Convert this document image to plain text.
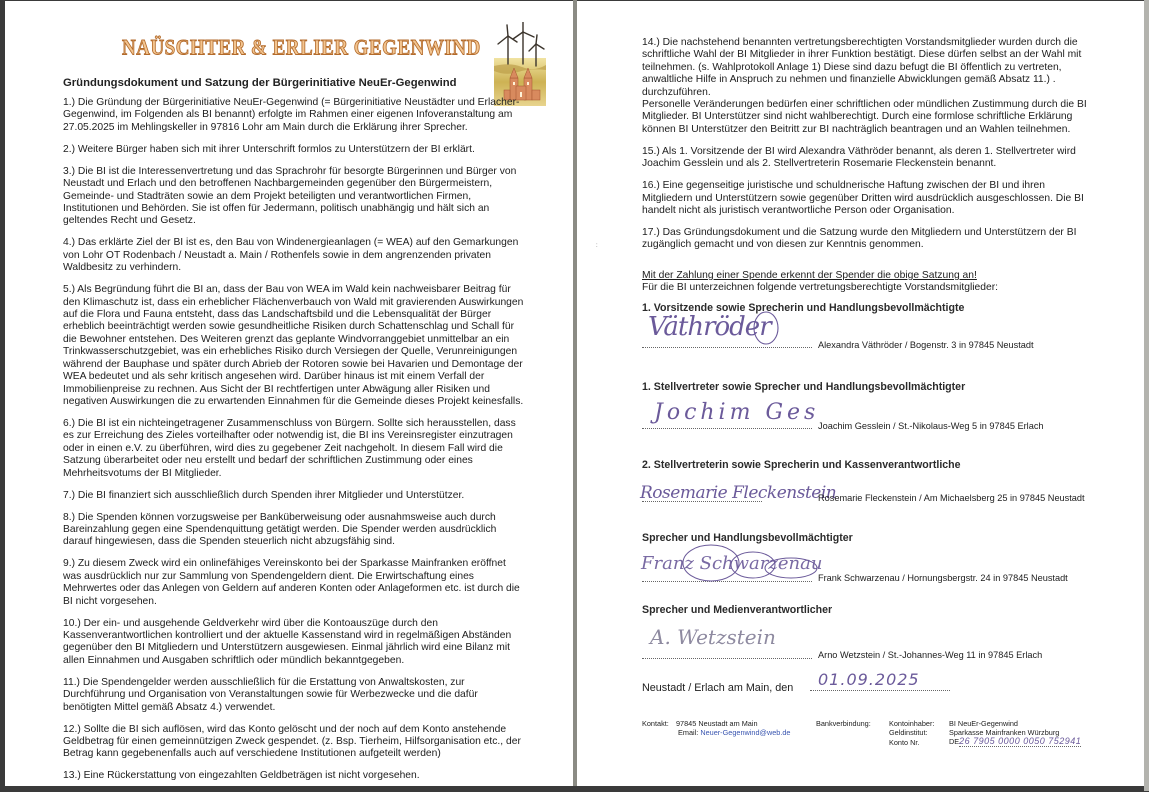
NAÜSCHTER & ERLIER GEGENWIND
Gründungsdokument und Satzung der Bürgerinitiative NeuEr-Gegenwind
1.) Die Gründung der Bürgerinitiative NeuEr-Gegenwind (= Bürgerinitiative Neustädter und Erlacher-
Gegenwind, im Folgenden als BI benannt) erfolgte im Rahmen einer eigenen Infoveranstaltung am
27.05.2025 im Mehlingskeller in 97816 Lohr am Main durch die Erklärung ihrer Sprecher.
2.) Weitere Bürger haben sich mit ihrer Unterschrift formlos zu Unterstützern der BI erklärt.
3.) Die BI ist die Interessenvertretung und das Sprachrohr für besorgte Bürgerinnen und Bürger von
Neustadt und Erlach und den betroffenen Nachbargemeinden gegenüber den Bürgermeistern,
Gemeinde- und Stadträten sowie an dem Projekt beteiligten und verantwortlichen Firmen,
Institutionen und Behörden. Sie ist offen für Jedermann, politisch unabhängig und hält sich an
geltendes Recht und Gesetz.
4.) Das erklärte Ziel der BI ist es, den Bau von Windenergieanlagen (= WEA) auf den Gemarkungen
von Lohr OT Rodenbach / Neustadt a. Main / Rothenfels sowie in dem angrenzenden privaten
Waldbesitz zu verhindern.
5.) Als Begründung führt die BI an, dass der Bau von WEA im Wald kein nachweisbarer Beitrag für
den Klimaschutz ist, dass ein erheblicher Flächenverbauch von Wald mit gravierenden Auswirkungen
auf die Flora und Fauna entsteht, dass das Landschaftsbild und die Lebensqualität der Bürger
erheblich beeinträchtigt werden sowie gesundheitliche Risiken durch Schattenschlag und Schall für
die Bewohner entstehen. Des Weiteren grenzt das geplante Windvorranggebiet unmittelbar an ein
Trinkwasserschutzgebiet, was ein erhebliches Risiko durch Versiegen der Quelle, Verunreinigungen
während der Bauphase und später durch Abrieb der Rotoren sowie bei Havarien und Demontage der
WEA bedeutet und als sehr kritisch angesehen wird. Darüber hinaus ist mit einem Verfall der
Immobilienpreise zu rechnen. Aus Sicht der BI rechtfertigen unter Abwägung aller Risiken und
negativen Auswirkungen die zu erwartenden Einnahmen für die Gemeinde dieses Projekt keinesfalls.
6.) Die BI ist ein nichteingetragener Zusammenschluss von Bürgern. Sollte sich herausstellen, dass
es zur Erreichung des Zieles vorteilhafter oder notwendig ist, die BI ins Vereinsregister einzutragen
oder in einen e.V. zu überführen, wird dies zu gegebener Zeit nachgeholt. In diesem Fall wird die
Satzung überarbeitet oder neu erstellt und bedarf der schriftlichen Zustimmung oder eines
Mehrheitsvotums der BI Mitglieder.
7.) Die BI finanziert sich ausschließlich durch Spenden ihrer Mitglieder und Unterstützer.
8.) Die Spenden können vorzugsweise per Banküberweisung oder ausnahmsweise auch durch
Bareinzahlung gegen eine Spendenquittung getätigt werden. Die Spender werden ausdrücklich
darauf hingewiesen, dass die Spenden steuerlich nicht abzugsfähig sind.
9.) Zu diesem Zweck wird ein onlinefähiges Vereinskonto bei der Sparkasse Mainfranken eröffnet
was ausdrücklich nur zur Sammlung von Spendengeldern dient. Die Erwirtschaftung eines
Mehrwertes oder das Anlegen von Geldern auf anderen Konten oder Anlageformen etc. ist durch die
BI nicht vorgesehen.
10.) Der ein- und ausgehende Geldverkehr wird über die Kontoauszüge durch den
Kassenverantwortlichen kontrolliert und der aktuelle Kassenstand wird in regelmäßigen Abständen
gegenüber den BI Mitgliedern und Unterstützern ausgewiesen. Einmal jährlich wird eine Bilanz mit
allen Einnahmen und Ausgaben schriftlich oder mündlich bekanntgegeben.
11.) Die Spendengelder werden ausschließlich für die Erstattung von Anwaltskosten, zur
Durchführung und Organisation von Veranstaltungen sowie für Werbezwecke und die dafür
benötigten Mittel gemäß Absatz 4.) verwendet.
12.) Sollte die BI sich auflösen, wird das Konto gelöscht und der noch auf dem Konto anstehende
Geldbetrag für einen gemeinnützigen Zweck gespendet. (z. Bsp. Tierheim, Hilfsorganisation etc., der
Betrag kann gegebenenfalls auch auf verschiedene Institutionen aufgeteilt werden)
13.) Eine Rückerstattung von eingezahlten Geldbeträgen ist nicht vorgesehen.
14.) Die nachstehend benannten vertretungsberechtigten Vorstandsmitglieder wurden durch die
schriftliche Wahl der BI Mitglieder in ihrer Funktion bestätigt. Diese dürfen selbst an der Wahl mit
teilnehmen. (s. Wahlprotokoll Anlage 1) Diese sind dazu befugt die BI öffentlich zu vertreten,
anwaltliche Hilfe in Anspruch zu nehmen und finanzielle Abwicklungen gemäß Absatz 11.) .
durchzuführen.
Personelle Veränderungen bedürfen einer schriftlichen oder mündlichen Zustimmung durch die BI
Mitglieder. BI Unterstützer sind nicht wahlberechtigt. Durch eine formlose schriftliche Erklärung
können BI Unterstützer den Beitritt zur BI nachträglich beantragen und an Wahlen teilnehmen.
15.) Als 1. Vorsitzende der BI wird Alexandra Väthröder benannt, als deren 1. Stellvertreter wird
Joachim Gesslein und als 2. Stellvertreterin Rosemarie Fleckenstein benannt.
16.) Eine gegenseitige juristische und schuldnerische Haftung zwischen der BI und ihren
Mitgliedern und Unterstützern sowie gegenüber Dritten wird ausdrücklich ausgeschlossen. Die BI
handelt nicht als juristisch verantwortliche Person oder Organisation.
17.) Das Gründungsdokument und die Satzung wurde den Mitgliedern und Unterstützern der BI
zugänglich gemacht und von diesen zur Kenntnis genommen.
Mit der Zahlung einer Spende erkennt der Spender die obige Satzung an!
:
Für die BI unterzeichnen folgende vertretungsberechtigte Vorstandsmitglieder:
1. Vorsitzende sowie Sprecherin und Handlungsbevollmächtigte
Väthröder
Alexandra Väthröder / Bogenstr. 3 in 97845 Neustadt
1. Stellvertreter sowie Sprecher und Handlungsbevollmächtigter
Jochim Ges
Joachim Gesslein / St.-Nikolaus-Weg 5 in 97845 Erlach
2. Stellvertreterin sowie Sprecherin und Kassenverantwortliche
Rosemarie Fleckenstein
Rosemarie Fleckenstein / Am Michaelsberg 25 in 97845 Neustadt
Sprecher und Handlungsbevollmächtigter
Franz Schwarzenau
Frank Schwarzenau / Hornungsbergstr. 24 in 97845 Neustadt
Sprecher und Medienverantwortlicher
A. Wetzstein
Arno Wetzstein / St.-Johannes-Weg 11 in 97845 Erlach
Neustadt / Erlach am Main, den 01.09.2025
Kontakt: 97845 Neustadt am Main
Email: Neuer-Gegenwind@web.de
Bankverbindung: Kontoinhaber:
Geldinstitut:
Konto Nr.
BI NeuEr-Gegenwind
Sparkasse Mainfranken Würzburg
DE26 7905 0000 0050 752941
